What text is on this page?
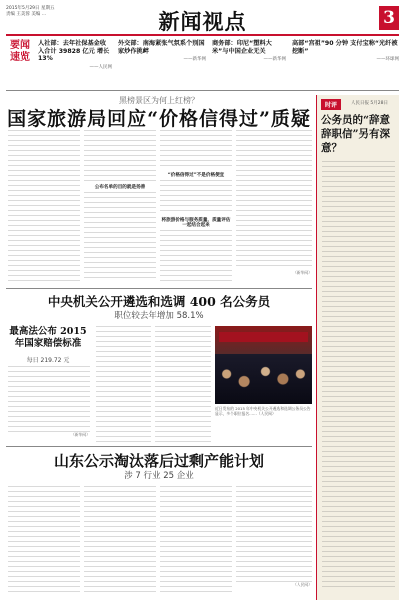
2015年5月29日 星期五
责编 王美蓉 美编 ...	新闻视点	3
要闻速览
人社部：去年社保基金收入合计 39828 亿元 增长 13%
——人民网
外交部：南海紧张气氛系个别国家炒作挑衅
——新华网
商务部：印尼“塑料大米”与中国企业无关
——新华网
高部“宫祖”90 分钟 支付宝称“光纤被挖断”
——环球网
黑榜景区为何上红榜？
国家旅游局回应“价格信得过”质疑
公布名单的目的就是扬善
“价格信得过”不是价格便宜
将旅游价格与服务质量、质量评估一起结合起来
（新华网）
时评	人民日报 5月28日
公务员的“辞意辞职信”另有深意？
中央机关公开遴选和选调 400 名公务员
职位较去年增加 58.1%
最高法公布 2015 年国家赔偿标准
每日 219.72 元
（新华网）
近日发布的 2015 年中央机关公开遴选和选调公务员公告显示，多个职位报名……（人民网）
山东公示淘汰落后过剩产能计划
涉 7 行业 25 企业
（人民网）
